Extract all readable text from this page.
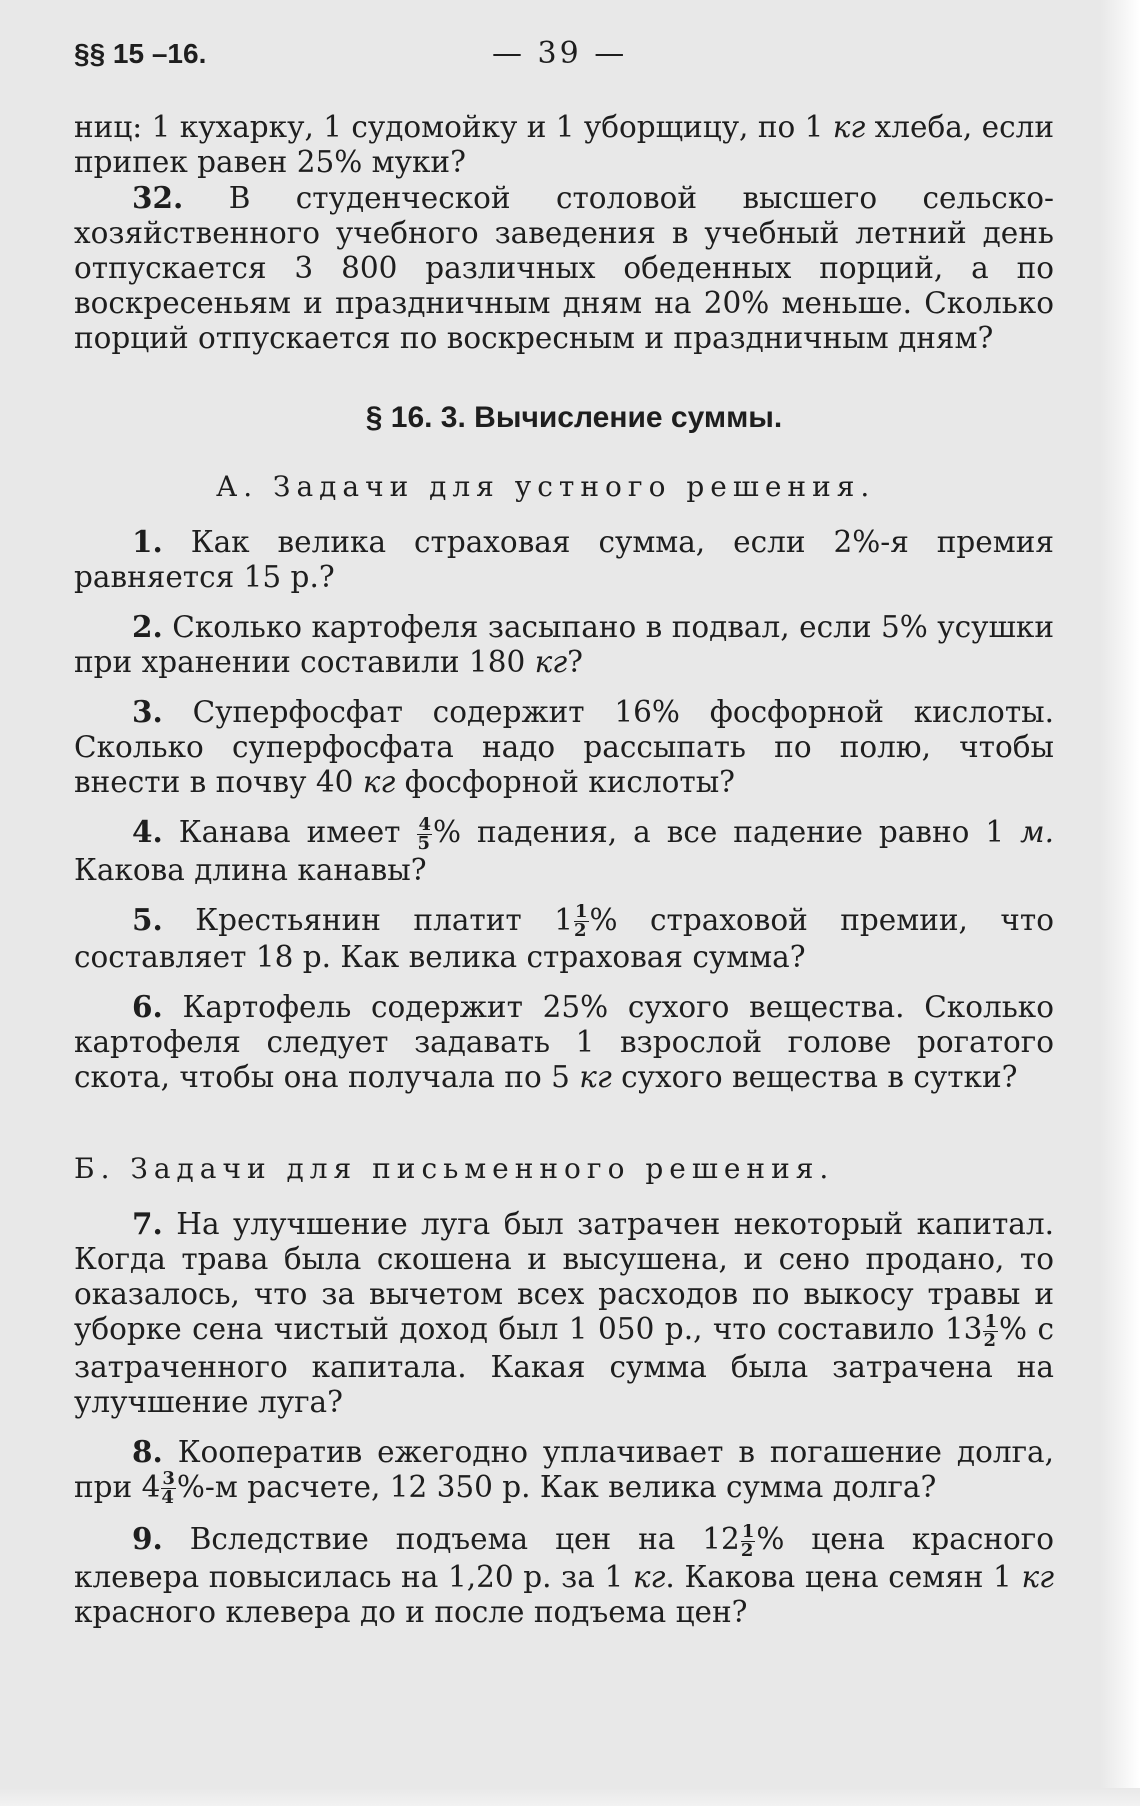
§§ 15 –16.	— 39 —

ниц: 1 кухарку, 1 судомойку и 1 уборщицу, по 1 кг хлеба, если припек равен 25% муки?

32. В студенческой столовой высшего сельско-хозяйственного учебного заведения в учебный летний день отпускается 3 800 различных обеденных порций, а по воскресеньям и праздничным дням на 20% меньше. Сколько порций отпускается по воскресным и праздничным дням?

§ 16. 3. Вычисление суммы.
А. Задачи для устного решения.

1. Как велика страховая сумма, если 2%-я премия равняется 15 р.?

2. Сколько картофеля засыпано в подвал, если 5% усушки при хранении составили 180 кг?

3. Суперфосфат содержит 16% фосфорной кислоты. Сколько суперфосфата надо рассыпать по полю, чтобы внести в почву 40 кг фосфорной кислоты?

4. Канава имеет $\frac{4}{5}$ % падения, а все падение равно 1 м. Какова длина канавы?

5. Крестьянин платит $1 \frac{1}{2}$ % страховой премии, что составляет 18 р. Как велика страховая сумма?

6. Картофель содержит 25% сухого вещества. Сколько картофеля следует задавать 1 взрослой голове рогатого скота, чтобы она получала по 5 кг сухого вещества в сутки?

Б. Задачи для письменного решения.

7. На улучшение луга был затрачен некоторый капитал. Когда трава была скошена и высушена, и сено продано, то оказалось, что за вычетом всех расходов по выкосу травы и уборке сена чистый доход был 1 050 р., что составило $13 \frac{1}{2}$ % с затраченного капитала. Какая сумма была затрачена на улучшение луга?

8. Кооператив ежегодно уплачивает в погашение долга, при $4 \frac{3}{4} \%-м$ расчете, 12 350 р. Как велика сумма долга?

9. Вследствие подъема цен на $12 \frac{1}{2}$ % цена красного клевера повысилась на 1,20 р. за 1 кг. Какова цена семян 1 кг красного клевера до и после подъема цен?
